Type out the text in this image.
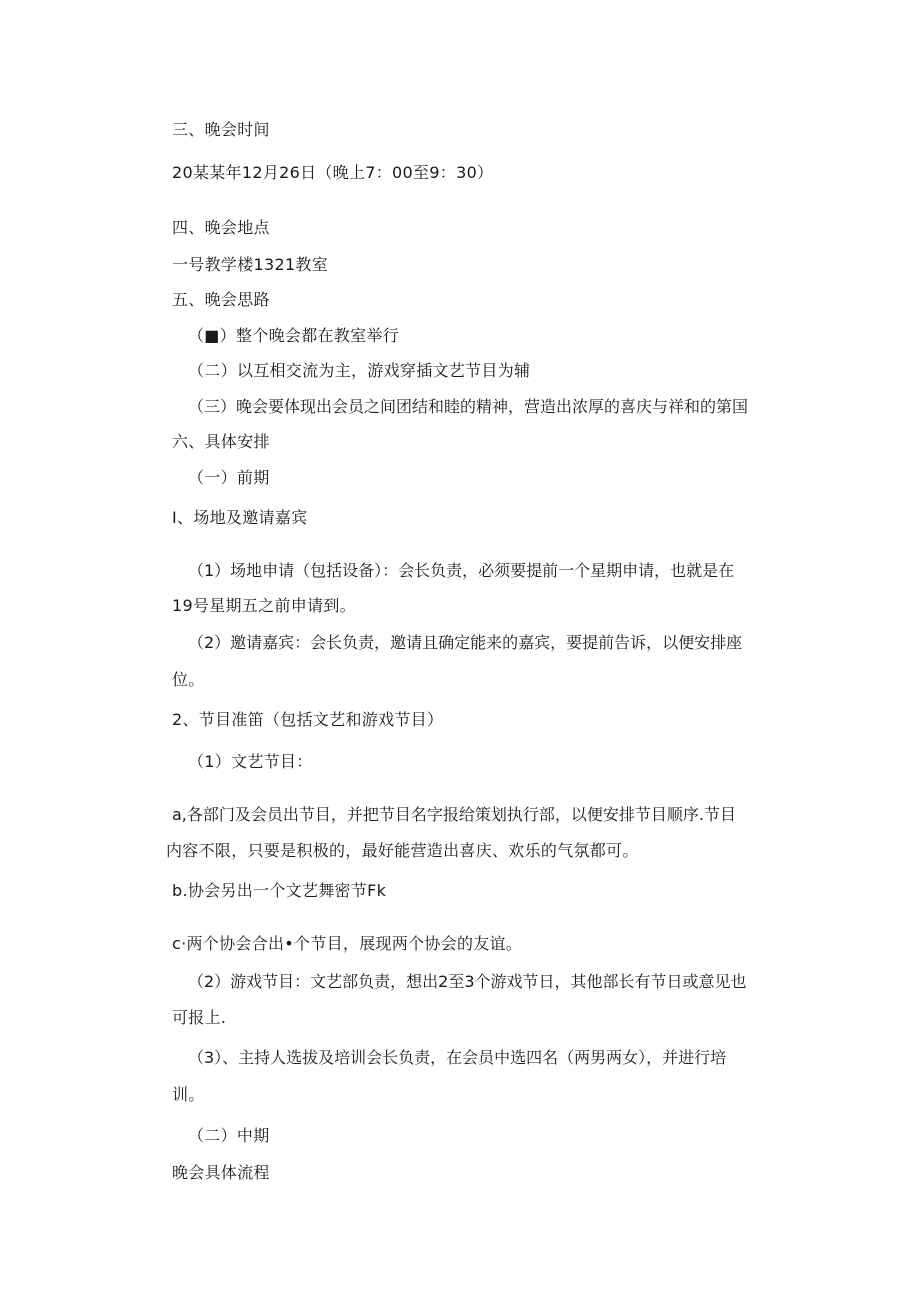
三、晚会时间
20某某年12月26日（晚上7：00至9：30）
四、晚会地点
一号教学楼1321教室
五、晚会思路
（■）整个晚会都在教室举行
（二）以互相交流为主，游戏穿插文艺节目为辅
（三）晚会要体现出会员之间团结和睦的精神，营造出浓厚的喜庆与祥和的第国
六、具体安排
（一）前期
I、场地及邀请嘉宾
（1）场地申请（包括设备）：会长负责，必须要提前一个星期申请，也就是在
19号星期五之前申请到。
（2）邀请嘉宾：会长负责，邀请且确定能来的嘉宾，要提前告诉，以便安排座
位。
2、节目准笛（包括文艺和游戏节目）
（1）文艺节目：
a,各部门及会员出节目，并把节目名字报给策划执行部，以便安排节目顺序.节目
内容不限，只要是积极的，最好能营造出喜庆、欢乐的气氛都可。
b.协会另出一个文艺舞密节Fk
c·两个协会合出•个节目，展现两个协会的友谊。
（2）游戏节目：文艺部负责，想出2至3个游戏节日，其他部长有节日或意见也
可报上.
（3）、主持人选拔及培训会长负责，在会员中选四名（两男两女），并进行培
训。
（二）中期
晚会具体流程
